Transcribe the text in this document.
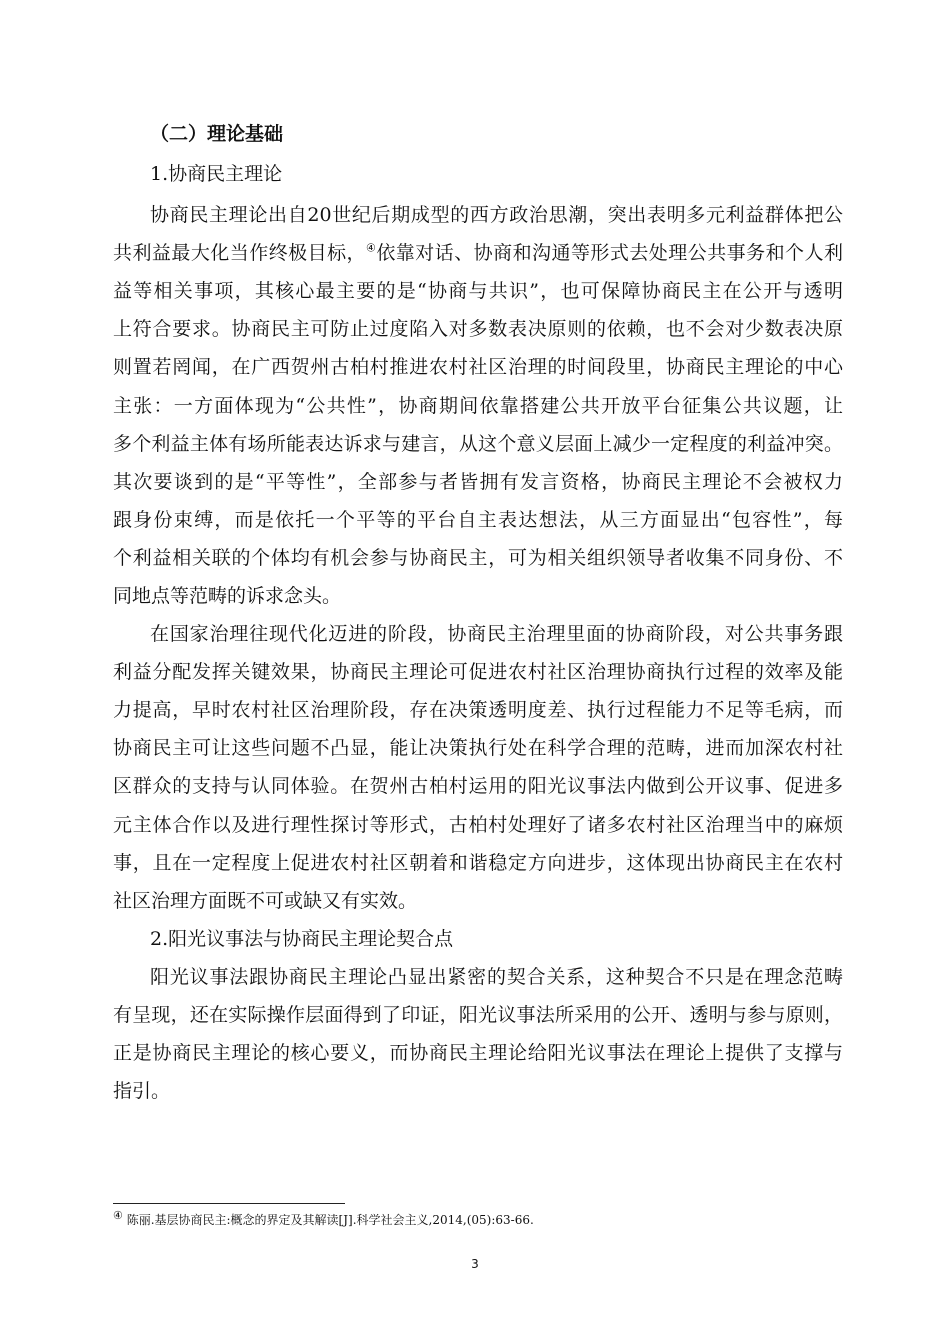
（二）理论基础
1.协商民主理论
协商民主理论出自20世纪后期成型的西方政治思潮，突出表明多元利益群体把公
共利益最大化当作终极目标，④依靠对话、协商和沟通等形式去处理公共事务和个人利
益等相关事项，其核心最主要的是“协商与共识”，也可保障协商民主在公开与透明
上符合要求。协商民主可防止过度陷入对多数表决原则的依赖，也不会对少数表决原
则置若罔闻，在广西贺州古柏村推进农村社区治理的时间段里，协商民主理论的中心
主张：一方面体现为“公共性”，协商期间依靠搭建公共开放平台征集公共议题，让
多个利益主体有场所能表达诉求与建言，从这个意义层面上减少一定程度的利益冲突。
其次要谈到的是“平等性”，全部参与者皆拥有发言资格，协商民主理论不会被权力
跟身份束缚，而是依托一个平等的平台自主表达想法，从三方面显出“包容性”，每
个利益相关联的个体均有机会参与协商民主，可为相关组织领导者收集不同身份、不
同地点等范畴的诉求念头。
在国家治理往现代化迈进的阶段，协商民主治理里面的协商阶段，对公共事务跟
利益分配发挥关键效果，协商民主理论可促进农村社区治理协商执行过程的效率及能
力提高，早时农村社区治理阶段，存在决策透明度差、执行过程能力不足等毛病，而
协商民主可让这些问题不凸显，能让决策执行处在科学合理的范畴，进而加深农村社
区群众的支持与认同体验。在贺州古柏村运用的阳光议事法内做到公开议事、促进多
元主体合作以及进行理性探讨等形式，古柏村处理好了诸多农村社区治理当中的麻烦
事，且在一定程度上促进农村社区朝着和谐稳定方向进步，这体现出协商民主在农村
社区治理方面既不可或缺又有实效。
2.阳光议事法与协商民主理论契合点
阳光议事法跟协商民主理论凸显出紧密的契合关系，这种契合不只是在理念范畴
有呈现，还在实际操作层面得到了印证，阳光议事法所采用的公开、透明与参与原则，
正是协商民主理论的核心要义，而协商民主理论给阳光议事法在理论上提供了支撑与
指引。
④ 陈丽.基层协商民主:概念的界定及其解读[J].科学社会主义,2014,(05):63-66.
3
